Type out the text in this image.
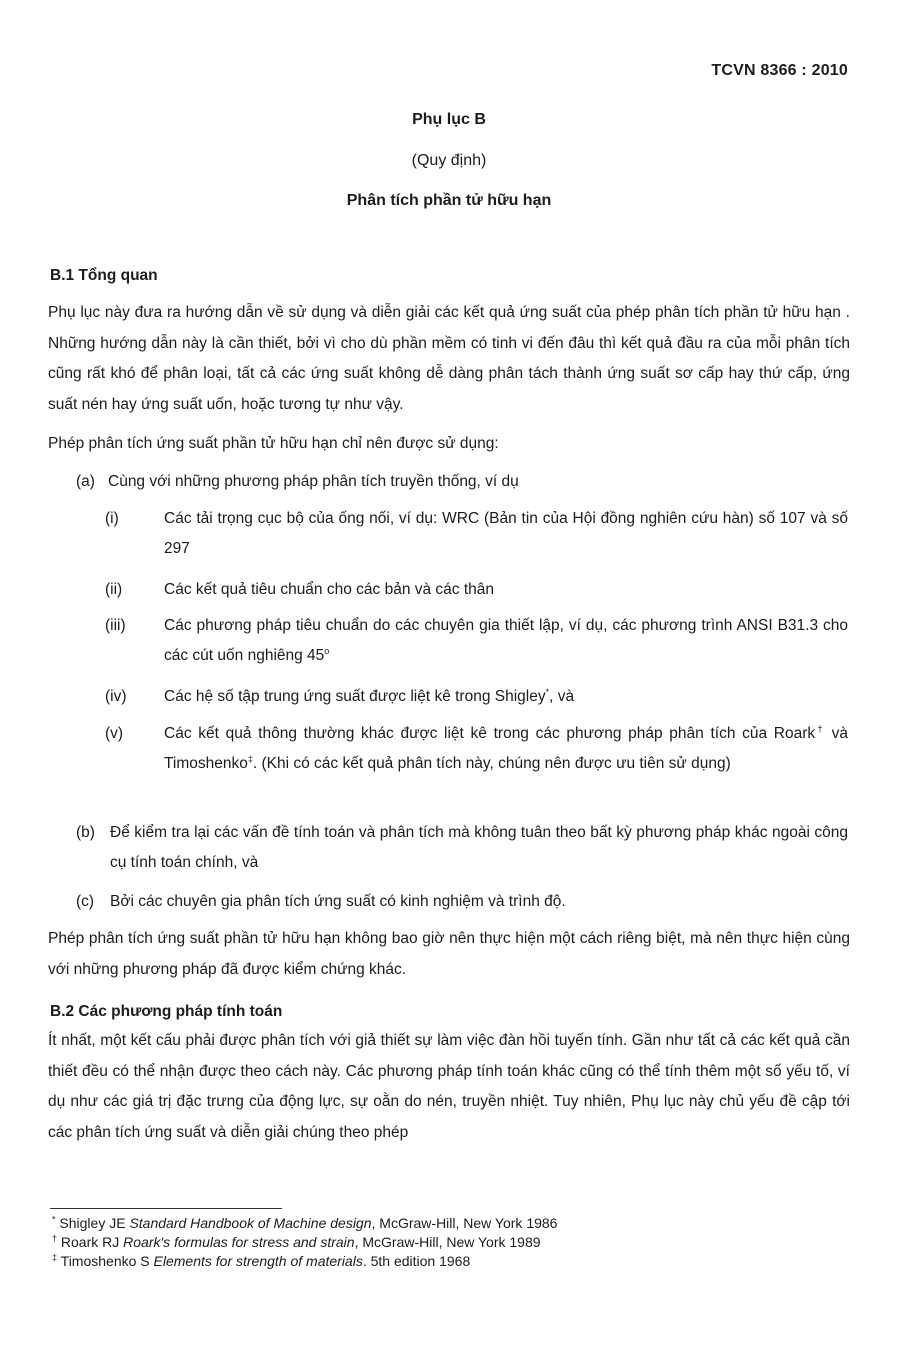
TCVN 8366 : 2010
Phụ lục B
(Quy định)
Phân tích phần tử hữu hạn
B.1 Tổng quan
Phụ lục này đưa ra hướng dẫn về sử dụng và diễn giải các kết quả ứng suất của phép phân tích phần tử hữu hạn . Những hướng dẫn này là cần thiết, bởi vì cho dù phần mềm có tinh vi đến đâu thì kết quả đầu ra của mỗi phân tích cũng rất khó để phân loại, tất cả các ứng suất không dễ dàng phân tách thành ứng suất sơ cấp hay thứ cấp, ứng suất nén hay ứng suất uốn, hoặc tương tự như vậy.
Phép phân tích ứng suất phần tử hữu hạn chỉ nên được sử dụng:
(a) Cùng với những phương pháp phân tích truyền thống, ví dụ
(i)	Các tải trọng cục bộ của ống nối, ví dụ: WRC (Bản tin của Hội đồng nghiên cứu hàn) số 107 và số 297
(ii)	Các kết quả tiêu chuẩn cho các bản và các thân
(iii) Các phương pháp tiêu chuẩn do các chuyên gia thiết lập, ví dụ, các phương trình ANSI B31.3 cho các cút uốn nghiêng 45$^o$
(iv) Các hệ số tập trung ứng suất được liệt kê trong Shigley*, và
(v)	Các kết quả thông thường khác được liệt kê trong các phương pháp phân tích của Roark† và Timoshenko‡. (Khi có các kết quả phân tích này, chúng nên được ưu tiên sử dụng)
(b) Để kiểm tra lại các vấn đề tính toán và phân tích mà không tuân theo bất kỳ phương pháp khác ngoài công cụ tính toán chính, và
(c) Bởi các chuyên gia phân tích ứng suất có kinh nghiệm và trình độ.
Phép phân tích ứng suất phần tử hữu hạn không bao giờ nên thực hiện một cách riêng biệt, mà nên thực hiện cùng với những phương pháp đã được kiểm chứng khác.
B.2 Các phương pháp tính toán
Ít nhất, một kết cấu phải được phân tích với giả thiết sự làm việc đàn hồi tuyến tính. Gần như tất cả các kết quả cần thiết đều có thể nhận được theo cách này. Các phương pháp tính toán khác cũng có thể tính thêm một số yếu tố, ví dụ như các giá trị đặc trưng của động lực, sự oằn do nén, truyền nhiệt. Tuy nhiên, Phụ lục này chủ yếu đề cập tới các phân tích ứng suất và diễn giải chúng theo phép
* Shigley JE Standard Handbook of Machine design, McGraw-Hill, New York 1986
† Roark RJ Roark's formulas for stress and strain, McGraw-Hill, New York 1989
‡ Timoshenko S Elements for strength of materials. 5th edition 1968
